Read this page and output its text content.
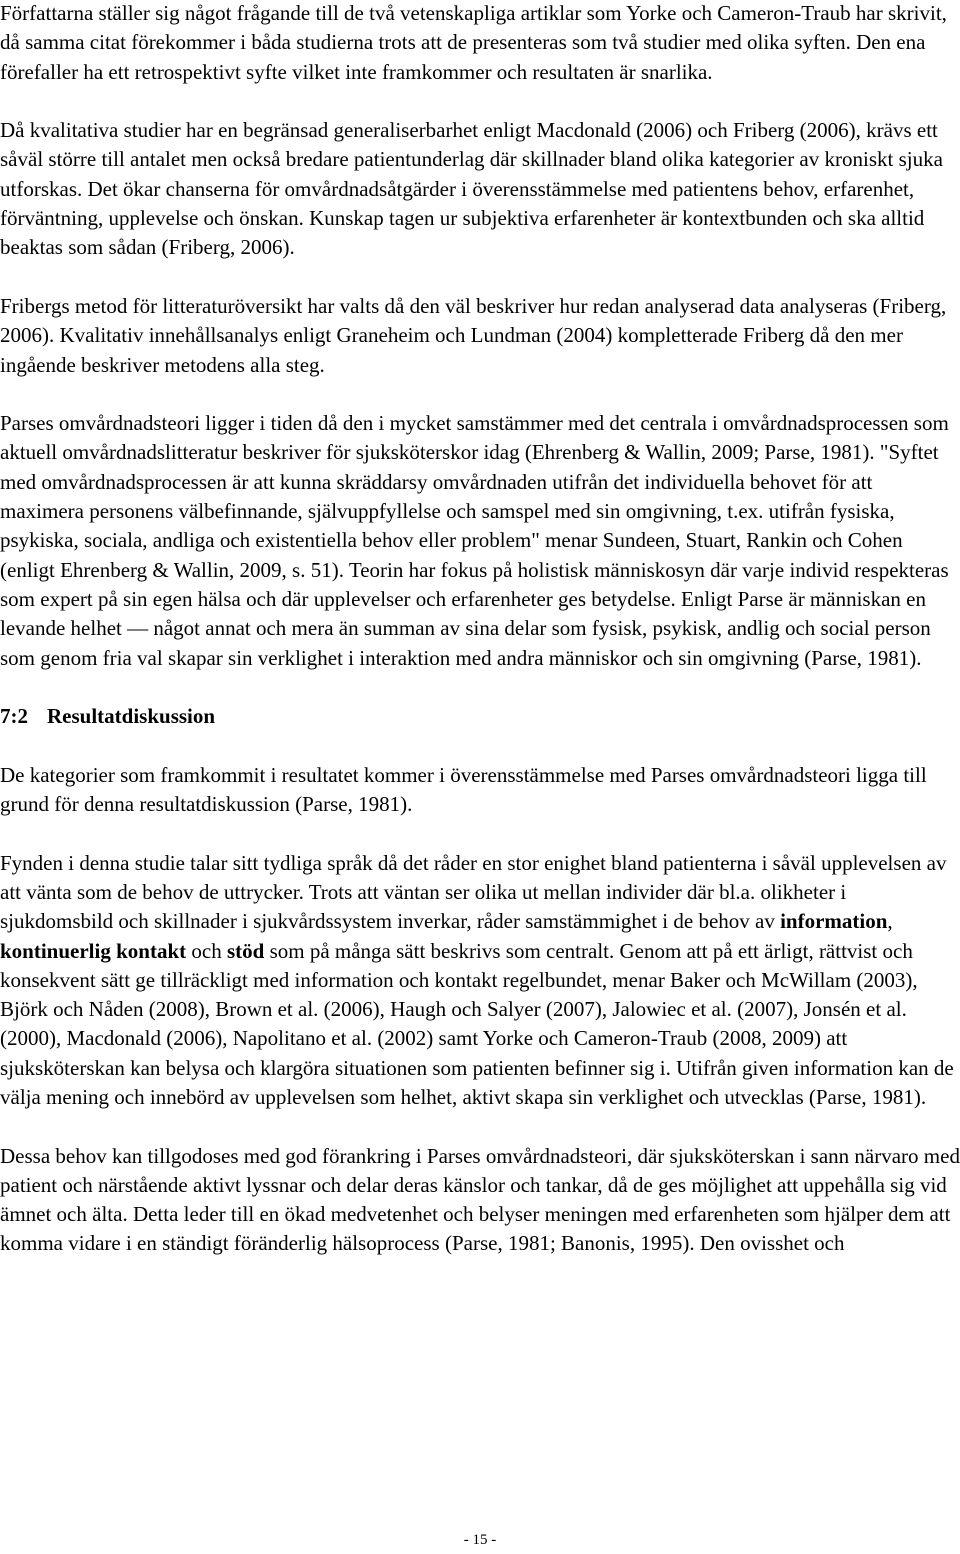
Författarna ställer sig något frågande till de två vetenskapliga artiklar som Yorke och Cameron-Traub har skrivit, då samma citat förekommer i båda studierna trots att de presenteras som två studier med olika syften. Den ena förefaller ha ett retrospektivt syfte vilket inte framkommer och resultaten är snarlika.

Då kvalitativa studier har en begränsad generaliserbarhet enligt Macdonald (2006) och Friberg (2006), krävs ett såväl större till antalet men också bredare patientunderlag där skillnader bland olika kategorier av kroniskt sjuka utforskas. Det ökar chanserna för omvårdnadsåtgärder i överensstämmelse med patientens behov, erfarenhet, förväntning, upplevelse och önskan. Kunskap tagen ur subjektiva erfarenheter är kontextbunden och ska alltid beaktas som sådan (Friberg, 2006).

Fribergs metod för litteraturöversikt har valts då den väl beskriver hur redan analyserad data analyseras (Friberg, 2006). Kvalitativ innehållsanalys enligt Graneheim och Lundman (2004) kompletterade Friberg då den mer ingående beskriver metodens alla steg.

Parses omvårdnadsteori ligger i tiden då den i mycket samstämmer med det centrala i omvårdnadsprocessen som aktuell omvårdnadslitteratur beskriver för sjuksköterskor idag (Ehrenberg & Wallin, 2009; Parse, 1981). "Syftet med omvårdnadsprocessen är att kunna skräddarsy omvårdnaden utifrån det individuella behovet för att maximera personens välbefinnande, självuppfyllelse och samspel med sin omgivning, t.ex. utifrån fysiska, psykiska, sociala, andliga och existentiella behov eller problem" menar Sundeen, Stuart, Rankin och Cohen (enligt Ehrenberg & Wallin, 2009, s. 51). Teorin har fokus på holistisk människosyn där varje individ respekteras som expert på sin egen hälsa och där upplevelser och erfarenheter ges betydelse. Enligt Parse är människan en levande helhet — något annat och mera än summan av sina delar som fysisk, psykisk, andlig och social person som genom fria val skapar sin verklighet i interaktion med andra människor och sin omgivning (Parse, 1981).

7:2 Resultatdiskussion

De kategorier som framkommit i resultatet kommer i överensstämmelse med Parses omvårdnadsteori ligga till grund för denna resultatdiskussion (Parse, 1981).

Fynden i denna studie talar sitt tydliga språk då det råder en stor enighet bland patienterna i såväl upplevelsen av att vänta som de behov de uttrycker. Trots att väntan ser olika ut mellan individer där bl.a. olikheter i sjukdomsbild och skillnader i sjukvårdssystem inverkar, råder samstämmighet i de behov av information, kontinuerlig kontakt och stöd som på många sätt beskrivs som centralt. Genom att på ett ärligt, rättvist och konsekvent sätt ge tillräckligt med information och kontakt regelbundet, menar Baker och McWillam (2003), Björk och Nåden (2008), Brown et al. (2006), Haugh och Salyer (2007), Jalowiec et al. (2007), Jonsén et al. (2000), Macdonald (2006), Napolitano et al. (2002) samt Yorke och Cameron-Traub (2008, 2009) att sjuksköterskan kan belysa och klargöra situationen som patienten befinner sig i. Utifrån given information kan de välja mening och innebörd av upplevelsen som helhet, aktivt skapa sin verklighet och utvecklas (Parse, 1981).

Dessa behov kan tillgodoses med god förankring i Parses omvårdnadsteori, där sjuksköterskan i sann närvaro med patient och närstående aktivt lyssnar och delar deras känslor och tankar, då de ges möjlighet att uppehålla sig vid ämnet och älta. Detta leder till en ökad medvetenhet och belyser meningen med erfarenheten som hjälper dem att komma vidare i en ständigt föränderlig hälsoprocess (Parse, 1981; Banonis, 1995). Den ovisshet och

- 15 -
